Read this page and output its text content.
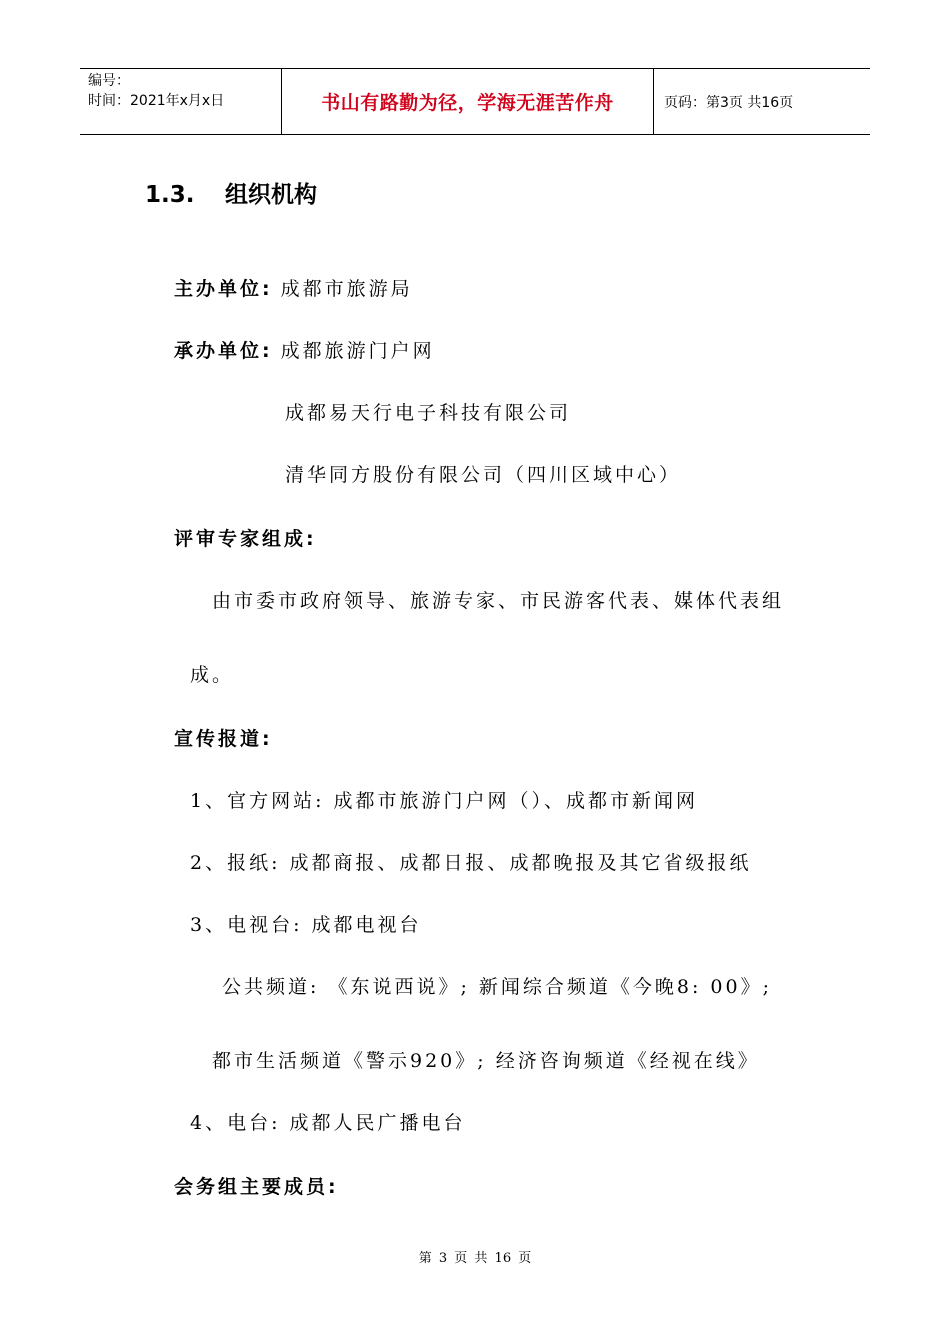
编号：
时间：2021年x月x日	书山有路勤为径，学海无涯苦作舟	页码：第3页 共16页
1.3. 组织机构
主办单位: 成都市旅游局
承办单位: 成都旅游门户网
成都易天行电子科技有限公司
清华同方股份有限公司（四川区域中心）
评审专家组成:
由市委市政府领导、旅游专家、市民游客代表、媒体代表组
成。
宣传报道:
1、官方网站: 成都市旅游门户网（）、成都市新闻网
2、报纸: 成都商报、成都日报、成都晚报及其它省级报纸
3、电视台: 成都电视台
公共频道: 《东说西说》; 新闻综合频道《今晚8: 00》;
都市生活频道《警示920》; 经济咨询频道《经视在线》
4、电台: 成都人民广播电台
会务组主要成员:
第 3 页 共 16 页
